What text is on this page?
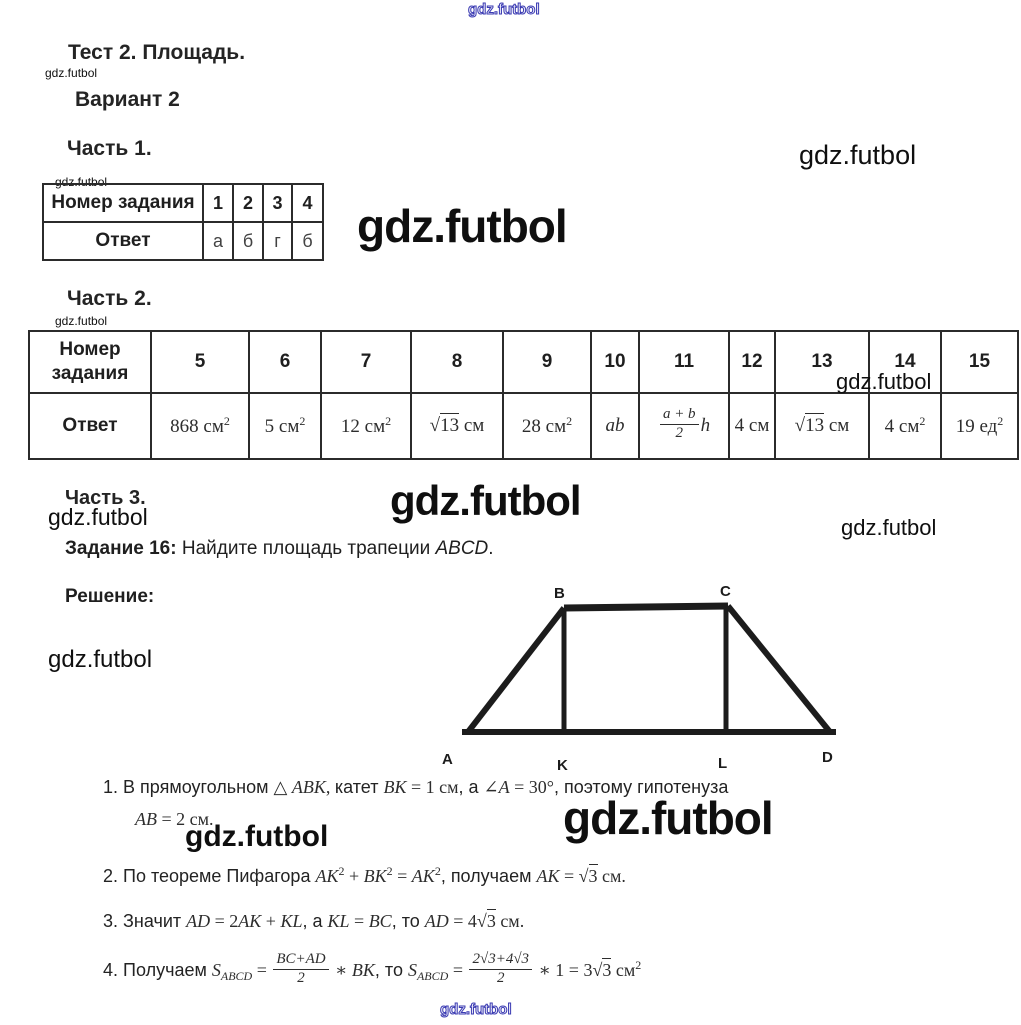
gdz.futbol
gdz.futbol
gdz.futbol
gdz.futbol
gdz.futbol
gdz.futbol
gdz.futbol
gdz.futbol	gdz.futbol
gdz.futbol
gdz.futbol
gdz.futbol	gdz.futbol
gdz.futbol
Тест 2. Площадь.
Вариант 2
Часть 1.
Номер задания	1	2	3	4
Ответ	а	б	г	б
Часть 2.
Номер задания	5	6	7	8	9	10	11	12	13	14	15
Ответ	868 $см^2$	5 $см^2$	12 $см^2$	√13 см	28 $см^2$	ab	$\frac{a + b}{2}$ h	4 см	√13 см	4 $см^2$	19 $ед^2$
Часть 3.
Задание 16: Найдите площадь трапеции ABCD.
Решение:
A
B	C
D
K	L
1. В прямоугольном △ ABK, катет BK = 1 см, а ∠A = 30°, поэтому гипотенуза
AB = 2 см.
2. По теореме Пифагора $AK^2 + BK^2 = AK^2$, получаем AK = √3 см.
3. Значит AD = 2AK + KL, а KL = BC, то AD = 4√3 см.
4. Получаем $S_{ABCD} = \frac{BC+AD}{2}$ ∗ BK, то $S_{ABCD} = \frac{2√3+4√3}{2}$ ∗ 1 = 3√3 $см^2$
